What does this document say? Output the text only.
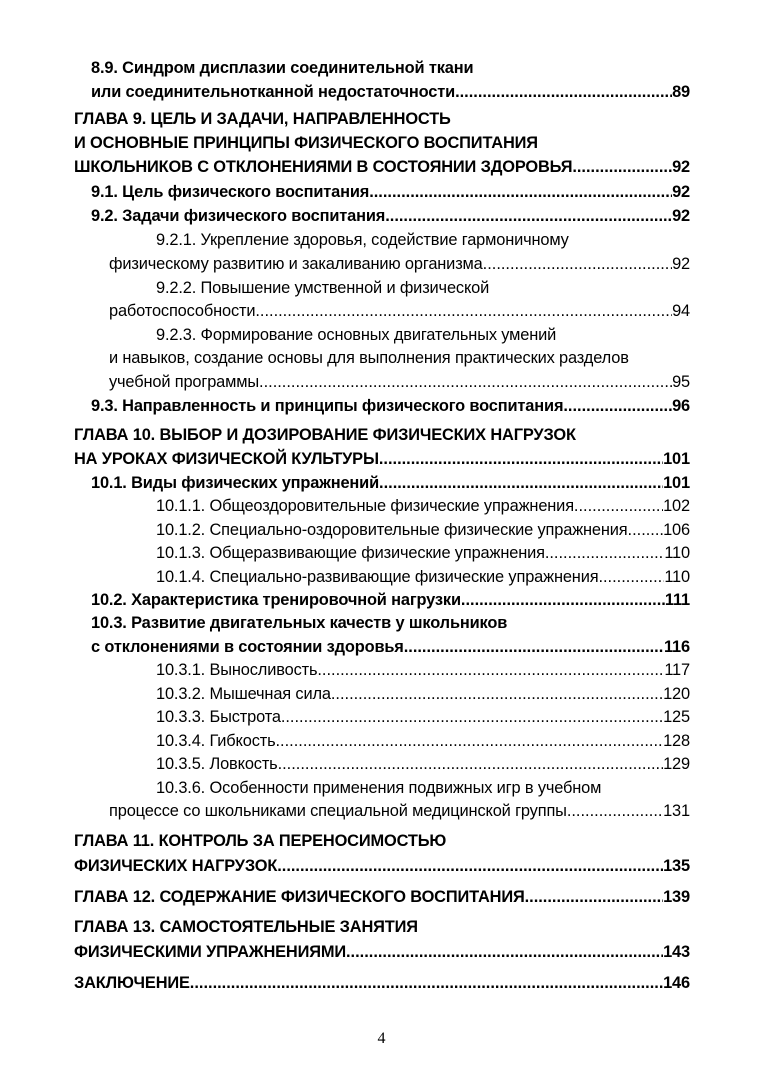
8.9. Синдром дисплазии соединительной ткани
или соединительнотканной недостаточности .....	89
ГЛАВА 9. ЦЕЛЬ И ЗАДАЧИ, НАПРАВЛЕННОСТЬ
И ОСНОВНЫЕ ПРИНЦИПЫ ФИЗИЧЕСКОГО ВОСПИТАНИЯ
ШКОЛЬНИКОВ С ОТКЛОНЕНИЯМИ В СОСТОЯНИИ ЗДОРОВЬЯ .....	92
9.1. Цель физического воспитания .....	92
9.2. Задачи физического воспитания .....	92
9.2.1. Укрепление здоровья, содействие гармоничному
физическому развитию и закаливанию организма .....	92
9.2.2. Повышение умственной и физической
работоспособности .....	94
9.2.3. Формирование основных двигательных умений
и навыков, создание основы для выполнения практических разделов
учебной программы .....	95
9.3. Направленность и принципы физического воспитания .....	96
ГЛАВА 10. ВЫБОР И ДОЗИРОВАНИЕ ФИЗИЧЕСКИХ НАГРУЗОК
НА УРОКАХ ФИЗИЧЕСКОЙ КУЛЬТУРЫ .....	101
10.1. Виды физических упражнений .....	101
10.1.1. Общеоздоровительные физические упражнения .....	102
10.1.2. Специально-оздоровительные физические упражнения ..... 106
10.1.3. Общеразвивающие физические упражнения .....	110
10.1.4. Специально-развивающие физические упражнения .....	110
10.2. Характеристика тренировочной нагрузки .....	111
10.3. Развитие двигательных качеств у школьников
с отклонениями в состоянии здоровья .....	116
10.3.1. Выносливость .....	117
10.3.2. Мышечная сила .....	120
10.3.3. Быстрота .....	125
10.3.4. Гибкость .....	128
10.3.5. Ловкость .....	129
10.3.6. Особенности применения подвижных игр в учебном
процессе со школьниками специальной медицинской группы .....	131
ГЛАВА 11. КОНТРОЛЬ ЗА ПЕРЕНОСИМОСТЬЮ
ФИЗИЧЕСКИХ НАГРУЗОК .....	135
ГЛАВА 12. СОДЕРЖАНИЕ ФИЗИЧЕСКОГО ВОСПИТАНИЯ .....	139
ГЛАВА 13. САМОСТОЯТЕЛЬНЫЕ ЗАНЯТИЯ
ФИЗИЧЕСКИМИ УПРАЖНЕНИЯМИ .....	143
ЗАКЛЮЧЕНИЕ .....	146
4
